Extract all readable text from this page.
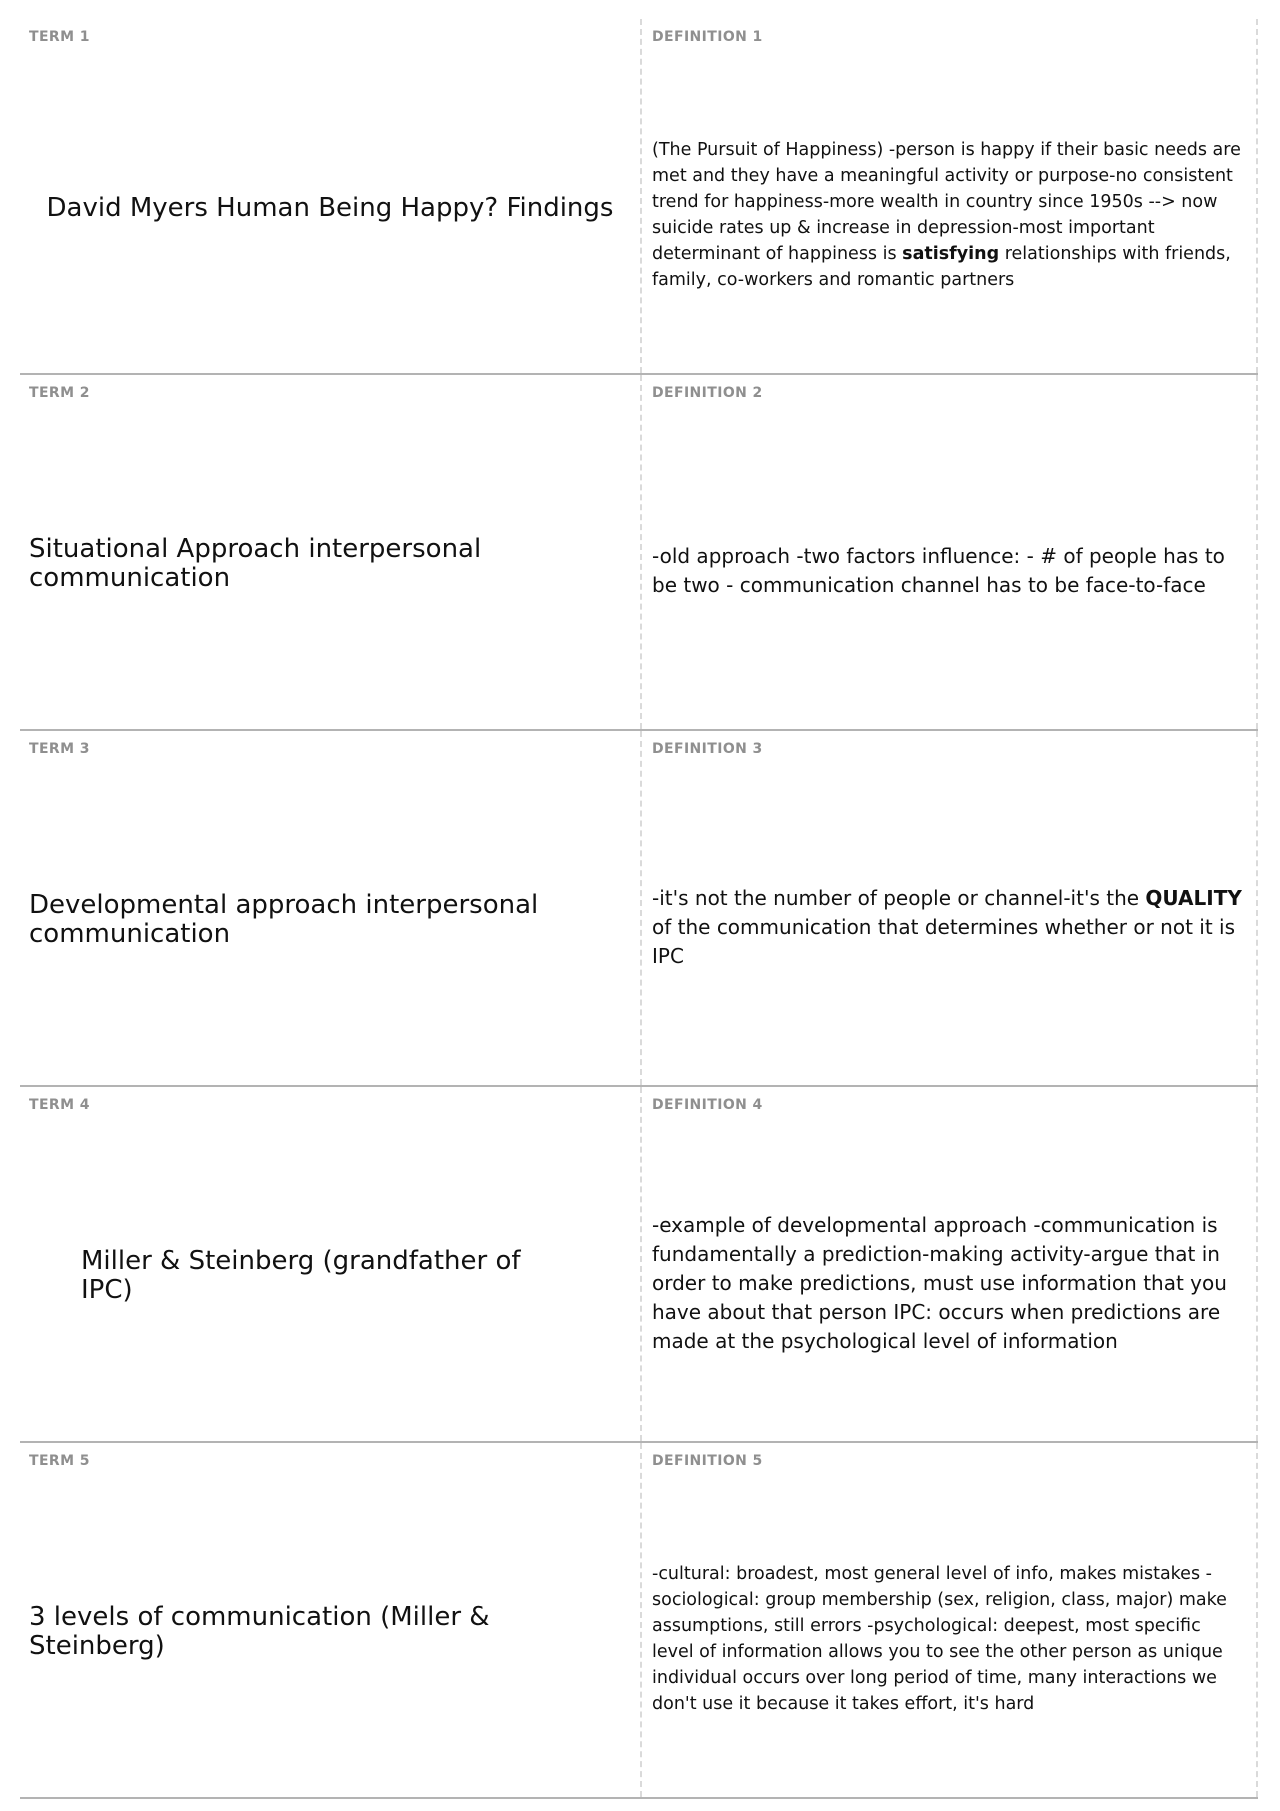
TERM 1
David Myers Human Being Happy? Findings
DEFINITION 1
(The Pursuit of Happiness) -person is happy if their basic needs are met and they have a meaningful activity or purpose-no consistent trend for happiness-more wealth in country since 1950s --> now suicide rates up & increase in depression-most important determinant of happiness is satisfying relationships with friends, family, co-workers and romantic partners
TERM 2
Situational Approach interpersonal communication
DEFINITION 2
-old approach -two factors influence: - # of people has to be two - communication channel has to be face-to-face
TERM 3
Developmental approach interpersonal communication
DEFINITION 3
-it's not the number of people or channel-it's the QUALITY of the communication that determines whether or not it is IPC
TERM 4
Miller & Steinberg (grandfather of IPC)
DEFINITION 4
-example of developmental approach -communication is fundamentally a prediction-making activity-argue that in order to make predictions, must use information that you have about that person IPC: occurs when predictions are made at the psychological level of information
TERM 5
3 levels of communication (Miller & Steinberg)
DEFINITION 5
-cultural: broadest, most general level of info, makes mistakes -sociological: group membership (sex, religion, class, major) make assumptions, still errors -psychological: deepest, most specific level of information allows you to see the other person as unique individual occurs over long period of time, many interactions we don't use it because it takes effort, it's hard
